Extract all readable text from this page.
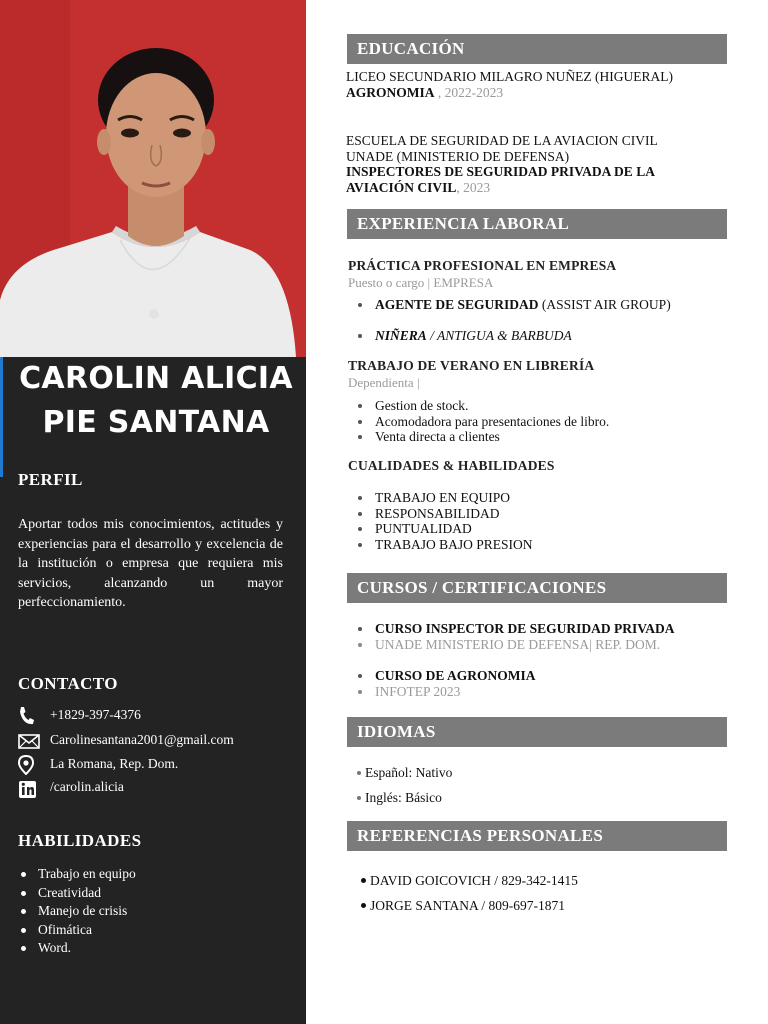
CAROLIN ALICIA
PIE SANTANA
PERFIL

Aportar todos mis conocimientos, actitudes y experiencias para el desarrollo y excelencia de la institución o empresa que requiera mis servicios, alcanzando un mayor perfeccionamiento.

CONTACTO
+1829-397-4376
Carolinesantana2001@gmail.com
La Romana, Rep. Dom.
/carolin.alicia
HABILIDADES
Trabajo en equipo
Creatividad
Manejo de crisis
Ofimática
Word.
EDUCACIÓN
LICEO SECUNDARIO MILAGRO NUÑEZ (HIGUERAL)
AGRONOMIA , 2022-2023
ESCUELA DE SEGURIDAD DE LA AVIACION CIVIL
UNADE (MINISTERIO DE DEFENSA)
INSPECTORES DE SEGURIDAD PRIVADA DE LA
AVIACIÓN CIVIL, 2023
EXPERIENCIA LABORAL
PRÁCTICA PROFESIONAL EN EMPRESA
Puesto o cargo | EMPRESA
AGENTE DE SEGURIDAD (ASSIST AIR GROUP)
NIÑERA / ANTIGUA & BARBUDA
TRABAJO DE VERANO EN LIBRERÍA
Dependienta |
Gestion de stock.
Acomodadora para presentaciones de libro.
Venta directa a clientes
CUALIDADES & HABILIDADES
TRABAJO EN EQUIPO
RESPONSABILIDAD
PUNTUALIDAD
TRABAJO BAJO PRESION
CURSOS / CERTIFICACIONES
CURSO INSPECTOR DE SEGURIDAD PRIVADA
UNADE MINISTERIO DE DEFENSA| REP. DOM.
CURSO DE AGRONOMIA
INFOTEP 2023
IDIOMAS
Español: Nativo
Inglés: Básico
REFERENCIAS PERSONALES
DAVID GOICOVICH / 829-342-1415
JORGE SANTANA / 809-697-1871
